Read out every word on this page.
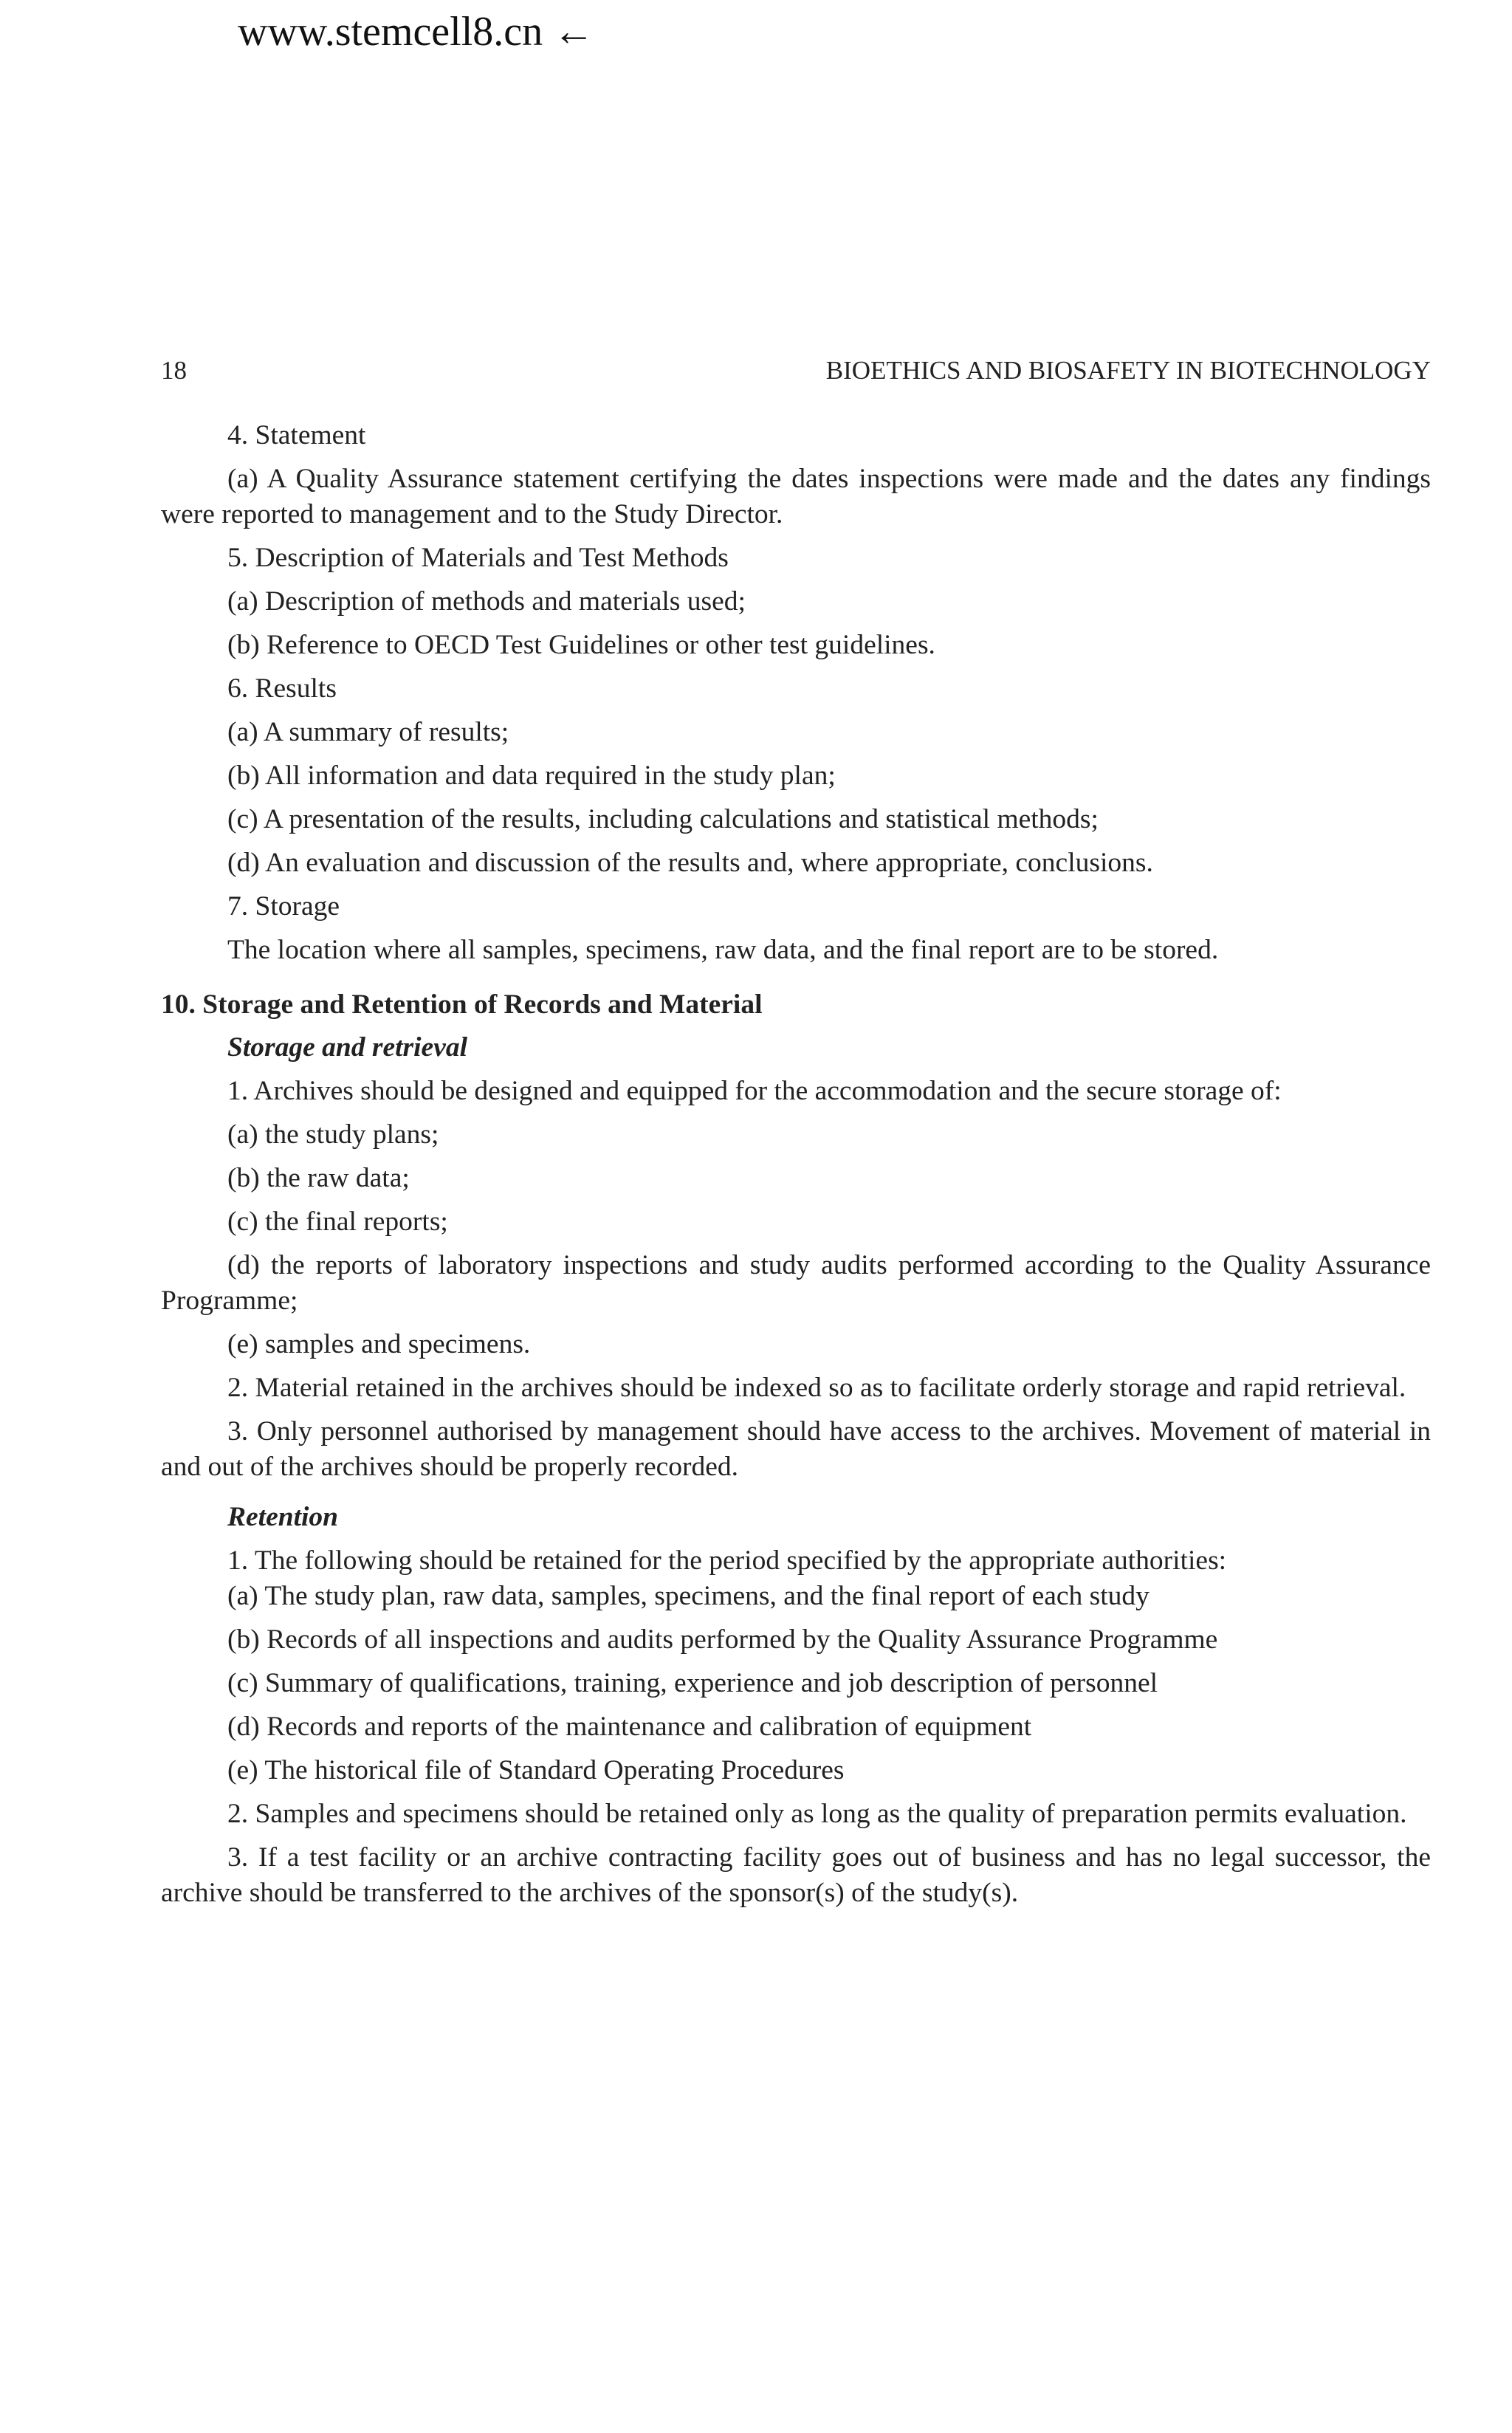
www.stemcell8.cn ←
18	BIOETHICS AND BIOSAFETY IN BIOTECHNOLOGY

4. Statement

(a) A Quality Assurance statement certifying the dates inspections were made and the dates any findings were reported to management and to the Study Director.

5. Description of Materials and Test Methods

(a) Description of methods and materials used;

(b) Reference to OECD Test Guidelines or other test guidelines.

6. Results

(a) A summary of results;

(b) All information and data required in the study plan;

(c) A presentation of the results, including calculations and statistical methods;

(d) An evaluation and discussion of the results and, where appropriate, conclusions.

7. Storage

The location where all samples, specimens, raw data, and the final report are to be stored.

10. Storage and Retention of Records and Material

Storage and retrieval

1. Archives should be designed and equipped for the accommodation and the secure storage of:

(a) the study plans;

(b) the raw data;

(c) the final reports;

(d) the reports of laboratory inspections and study audits performed according to the Quality Assurance Programme;

(e) samples and specimens.

2. Material retained in the archives should be indexed so as to facilitate orderly storage and rapid retrieval.

3. Only personnel authorised by management should have access to the archives. Movement of material in and out of the archives should be properly recorded.

Retention

1. The following should be retained for the period specified by the appropriate authorities:

(a) The study plan, raw data, samples, specimens, and the final report of each study

(b) Records of all inspections and audits performed by the Quality Assurance Programme

(c) Summary of qualifications, training, experience and job description of personnel

(d) Records and reports of the maintenance and calibration of equipment

(e) The historical file of Standard Operating Procedures

2. Samples and specimens should be retained only as long as the quality of preparation permits evaluation.

3. If a test facility or an archive contracting facility goes out of business and has no legal successor, the archive should be transferred to the archives of the sponsor(s) of the study(s).
